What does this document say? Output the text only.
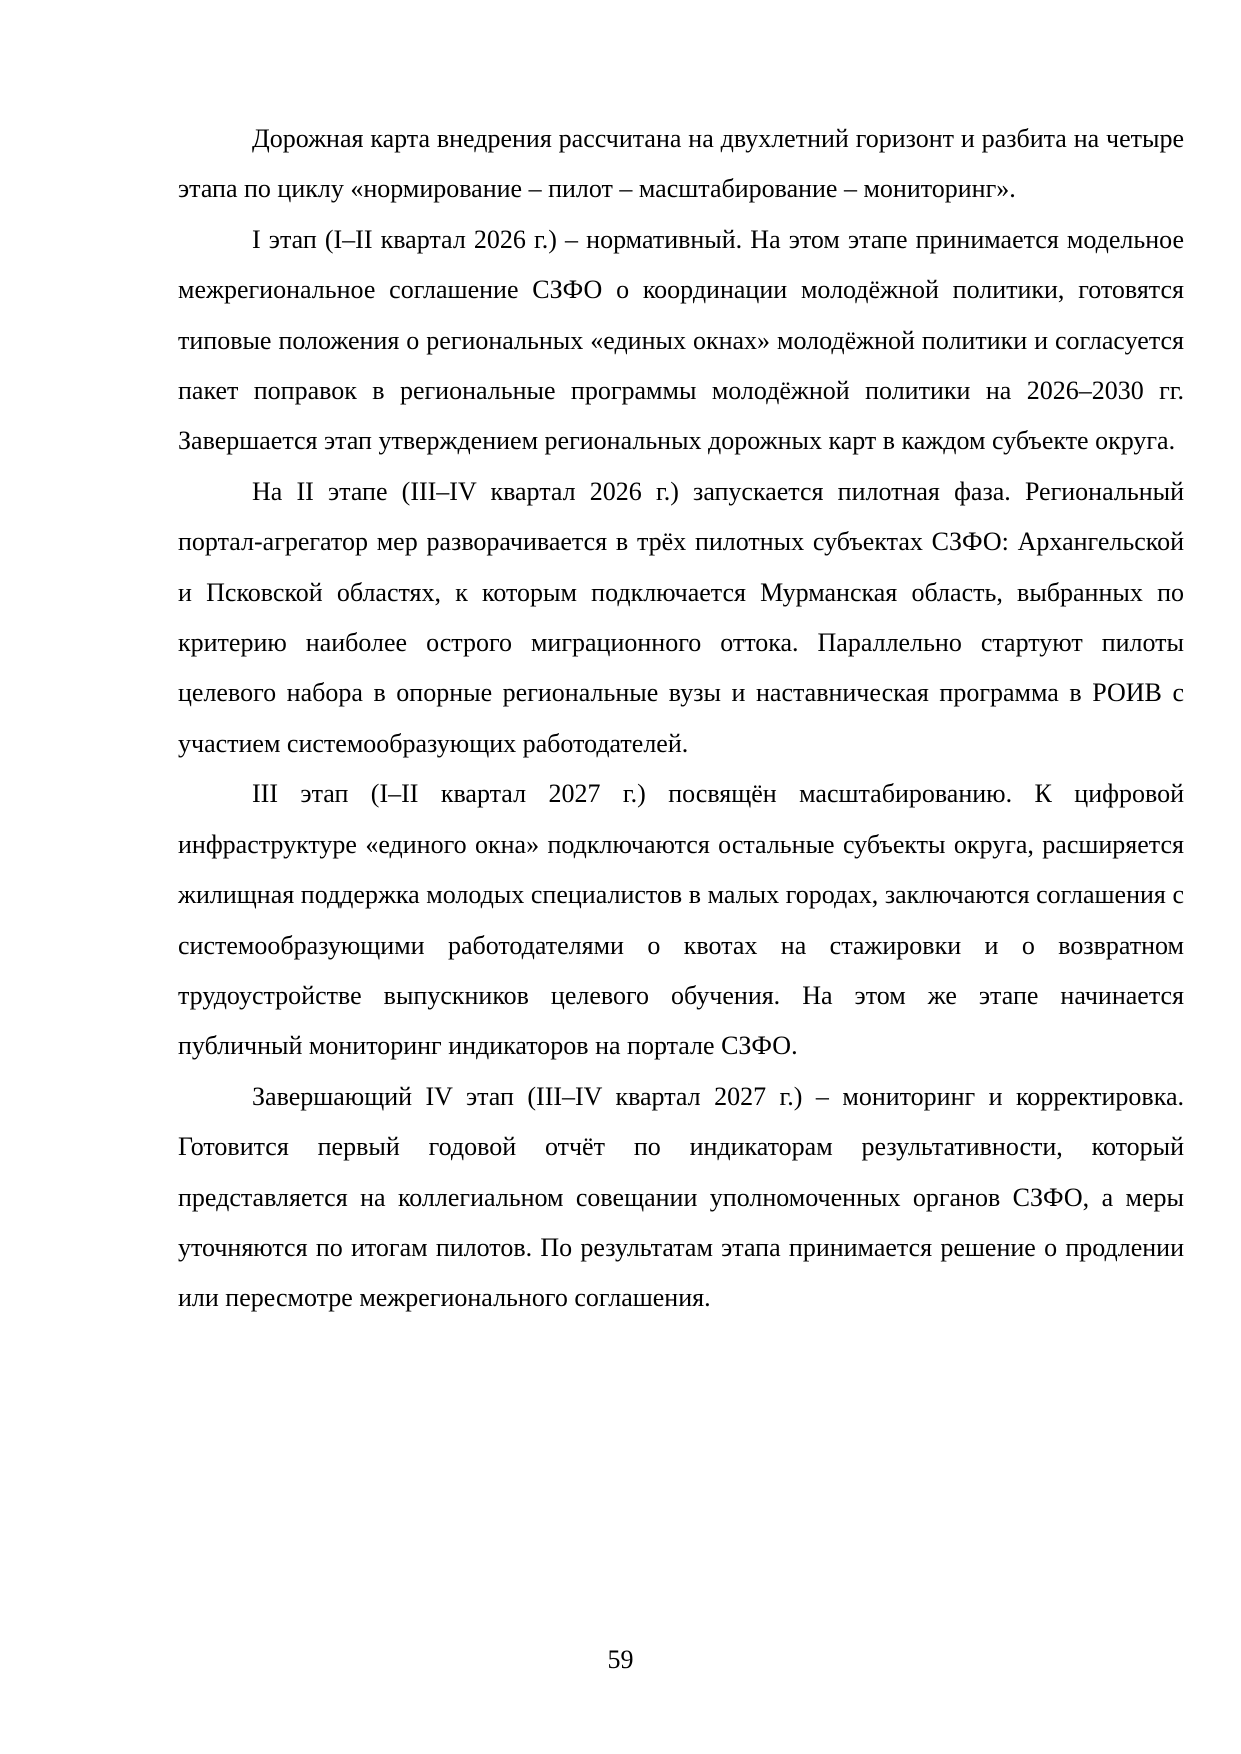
Дорожная карта внедрения рассчитана на двухлетний горизонт и разбита на четыре этапа по циклу «нормирование – пилот – масштабирование – мониторинг».

I этап (I–II квартал 2026 г.) – нормативный. На этом этапе принимается модельное межрегиональное соглашение СЗФО о координации молодёжной политики, готовятся типовые положения о региональных «единых окнах» молодёжной политики и согласуется пакет поправок в региональные программы молодёжной политики на 2026–2030 гг. Завершается этап утверждением региональных дорожных карт в каждом субъекте округа.

На II этапе (III–IV квартал 2026 г.) запускается пилотная фаза. Региональный портал-агрегатор мер разворачивается в трёх пилотных субъектах СЗФО: Архангельской и Псковской областях, к которым подключается Мурманская область, выбранных по критерию наиболее острого миграционного оттока. Параллельно стартуют пилоты целевого набора в опорные региональные вузы и наставническая программа в РОИВ с участием системообразующих работодателей.

III этап (I–II квартал 2027 г.) посвящён масштабированию. К цифровой инфраструктуре «единого окна» подключаются остальные субъекты округа, расширяется жилищная поддержка молодых специалистов в малых городах, заключаются соглашения с системообразующими работодателями о квотах на стажировки и о возвратном трудоустройстве выпускников целевого обучения. На этом же этапе начинается публичный мониторинг индикаторов на портале СЗФО.

Завершающий IV этап (III–IV квартал 2027 г.) – мониторинг и корректировка. Готовится первый годовой отчёт по индикаторам результативности, который представляется на коллегиальном совещании уполномоченных органов СЗФО, а меры уточняются по итогам пилотов. По результатам этапа принимается решение о продлении или пересмотре межрегионального соглашения.

59
